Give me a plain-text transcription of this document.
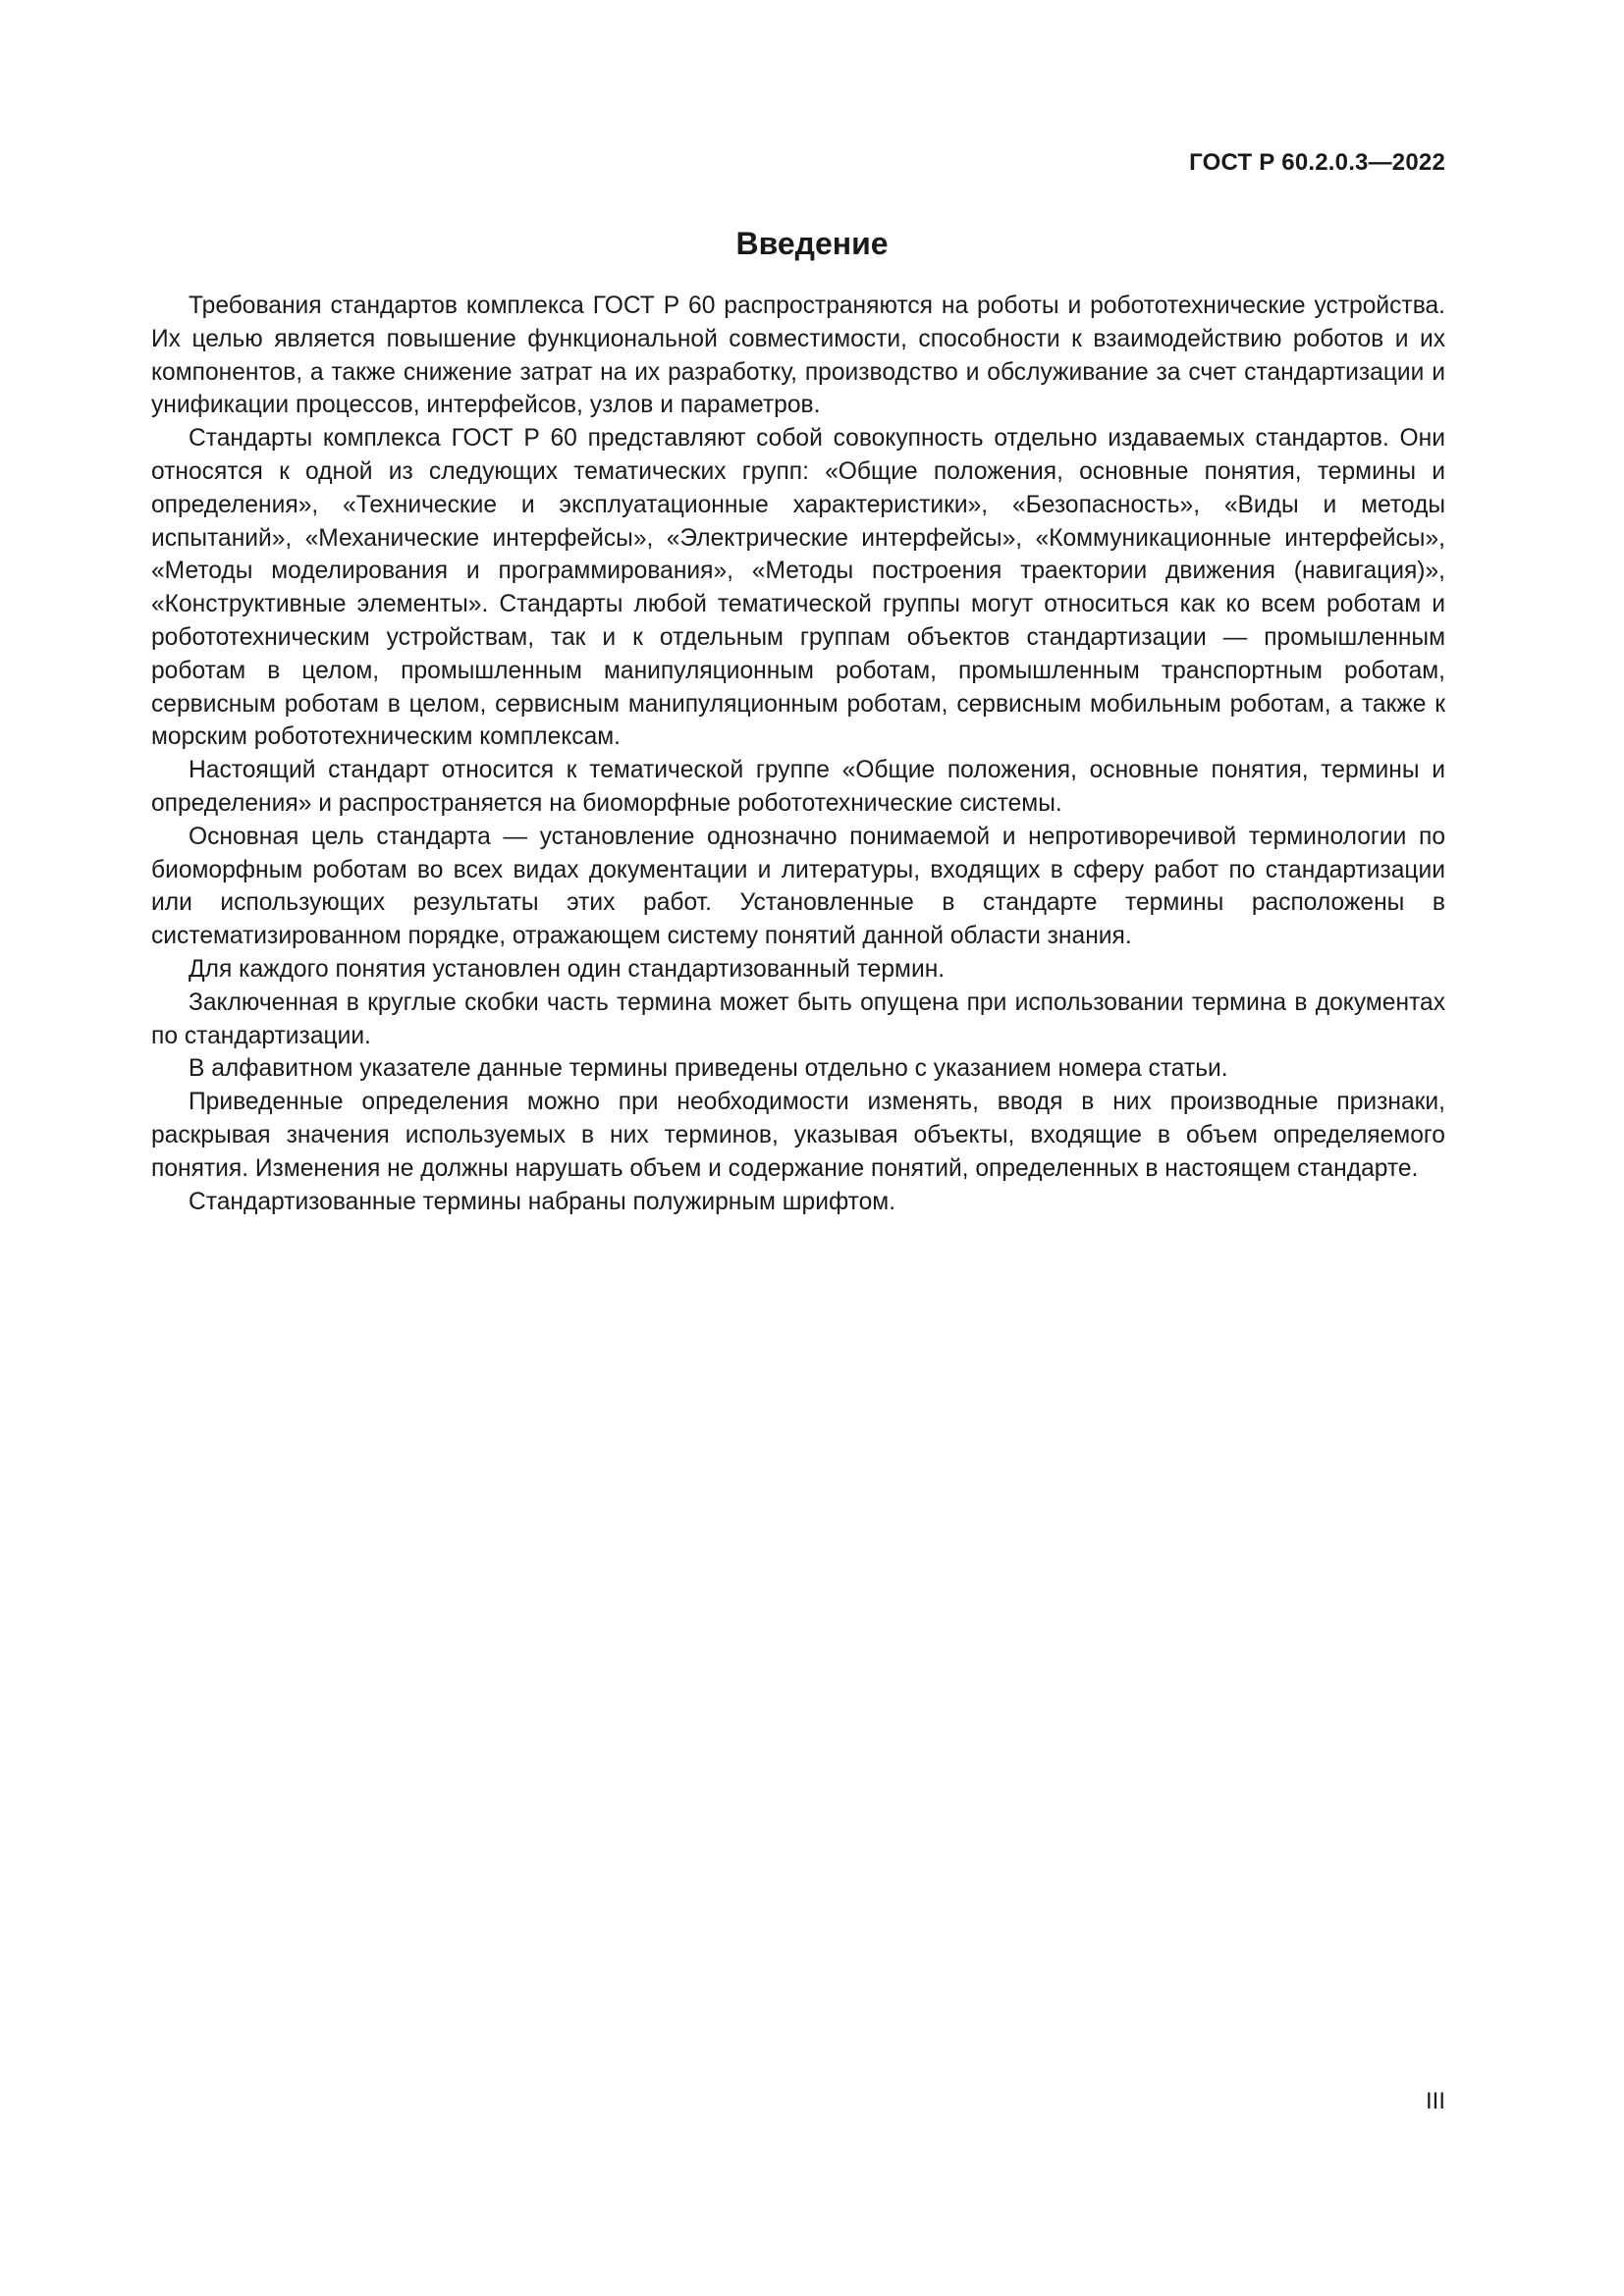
ГОСТ Р 60.2.0.3—2022

Введение

Требования стандартов комплекса ГОСТ Р 60 распространяются на роботы и робототехнические устройства. Их целью является повышение функциональной совместимости, способности к взаимодействию роботов и их компонентов, а также снижение затрат на их разработку, производство и обслуживание за счет стандартизации и унификации процессов, интерфейсов, узлов и параметров.

Стандарты комплекса ГОСТ Р 60 представляют собой совокупность отдельно издаваемых стандартов. Они относятся к одной из следующих тематических групп: «Общие положения, основные понятия, термины и определения», «Технические и эксплуатационные характеристики», «Безопасность», «Виды и методы испытаний», «Механические интерфейсы», «Электрические интерфейсы», «Коммуникационные интерфейсы», «Методы моделирования и программирования», «Методы построения траектории движения (навигация)», «Конструктивные элементы». Стандарты любой тематической группы могут относиться как ко всем роботам и робототехническим устройствам, так и к отдельным группам объектов стандартизации — промышленным роботам в целом, промышленным манипуляционным роботам, промышленным транспортным роботам, сервисным роботам в целом, сервисным манипуляционным роботам, сервисным мобильным роботам, а также к морским робототехническим комплексам.

Настоящий стандарт относится к тематической группе «Общие положения, основные понятия, термины и определения» и распространяется на биоморфные робототехнические системы.

Основная цель стандарта — установление однозначно понимаемой и непротиворечивой терминологии по биоморфным роботам во всех видах документации и литературы, входящих в сферу работ по стандартизации или использующих результаты этих работ. Установленные в стандарте термины расположены в систематизированном порядке, отражающем систему понятий данной области знания.

Для каждого понятия установлен один стандартизованный термин.

Заключенная в круглые скобки часть термина может быть опущена при использовании термина в документах по стандартизации.

В алфавитном указателе данные термины приведены отдельно с указанием номера статьи.

Приведенные определения можно при необходимости изменять, вводя в них производные признаки, раскрывая значения используемых в них терминов, указывая объекты, входящие в объем определяемого понятия. Изменения не должны нарушать объем и содержание понятий, определенных в настоящем стандарте.

Стандартизованные термины набраны полужирным шрифтом.

III
